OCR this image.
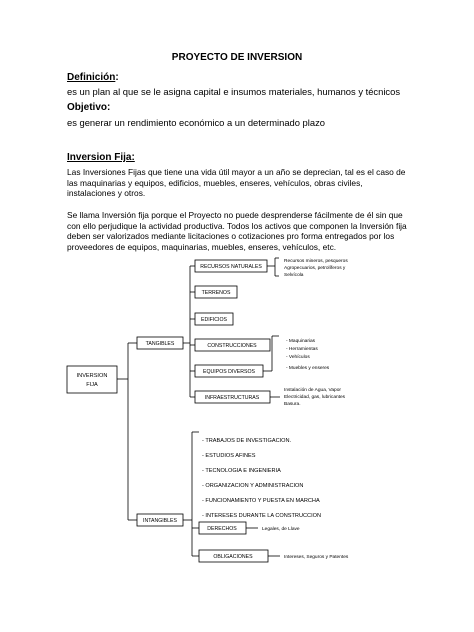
PROYECTO DE INVERSION
Definición:
es un plan al que se le asigna capital e insumos materiales, humanos y técnicos
Objetivo:
es generar un rendimiento económico a un determinado plazo
Inversion Fija:
Las Inversiones Fijas que tiene una vida útil mayor a un año se deprecian, tal es el caso de las maquinarias y equipos, edificios, muebles, enseres, vehículos, obras civiles, instalaciones y otros.
Se llama Inversión fija porque el Proyecto no puede desprenderse fácilmente de él sin que con ello perjudique la actividad productiva. Todos los activos que componen la Inversión fija deben ser valorizados mediante licitaciones o cotizaciones pro forma entregados por los proveedores de equipos, maquinarias, muebles, enseres, vehículos, etc.
INVERSION
FIJA
TANGIBLES
RECURSOS NATURALES
TERRENOS
EDIFICIOS
CONSTRUCCIONES
EQUIPOS DIVERSOS
INFRAESTRUCTURAS
Recursos mineros, pesqueros
Agropecuarios, petrolíferos y
Selvícola
- Maquinarias
- Herramientas
- Vehículos
- Muebles y enseres
Instalación de Agua, Vapor
Electricidad, gas, lubricantes
Basura.
INTANGIBLES
- TRABAJOS DE INVESTIGACION.
- ESTUDIOS AFINES
- TECNOLOGIA E INGENIERIA
- ORGANIZACION Y ADMINISTRACION
- FUNCIONAMIENTO Y PUESTA EN MARCHA
- INTERESES DURANTE LA CONSTRUCCION
DERECHOS
OBLIGACIONES
Legales, de Llave
Intereses, Seguros y Patentes
